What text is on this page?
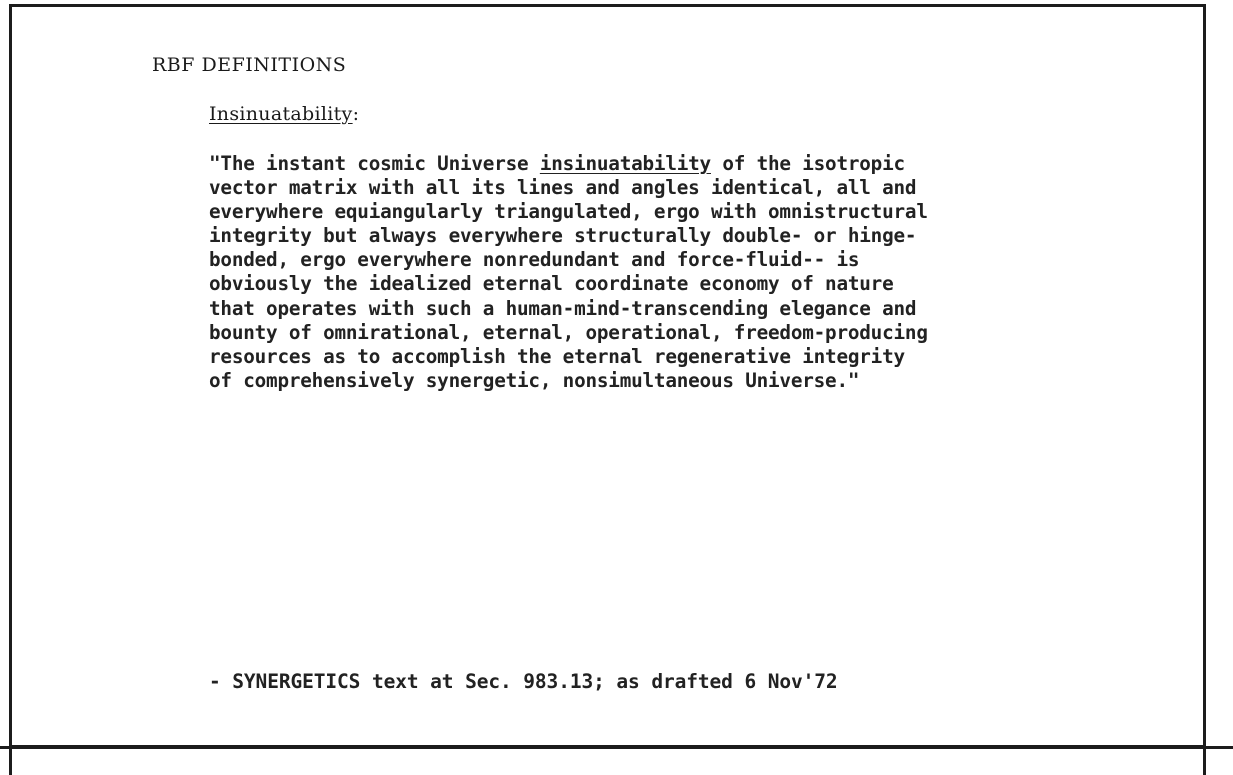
RBF DEFINITIONS
Insinuatability:
"The instant cosmic Universe insinuatability of the isotropic
vector matrix with all its lines and angles identical, all and
everywhere equiangularly triangulated, ergo with omnistructural
integrity but always everywhere structurally double- or hinge-
bonded, ergo everywhere nonredundant and force-fluid-- is
obviously the idealized eternal coordinate economy of nature
that operates with such a human-mind-transcending elegance and
bounty of omnirational, eternal, operational, freedom-producing
resources as to accomplish the eternal regenerative integrity
of comprehensively synergetic, nonsimultaneous Universe."
- SYNERGETICS text at Sec. 983.13; as drafted 6 Nov'72
